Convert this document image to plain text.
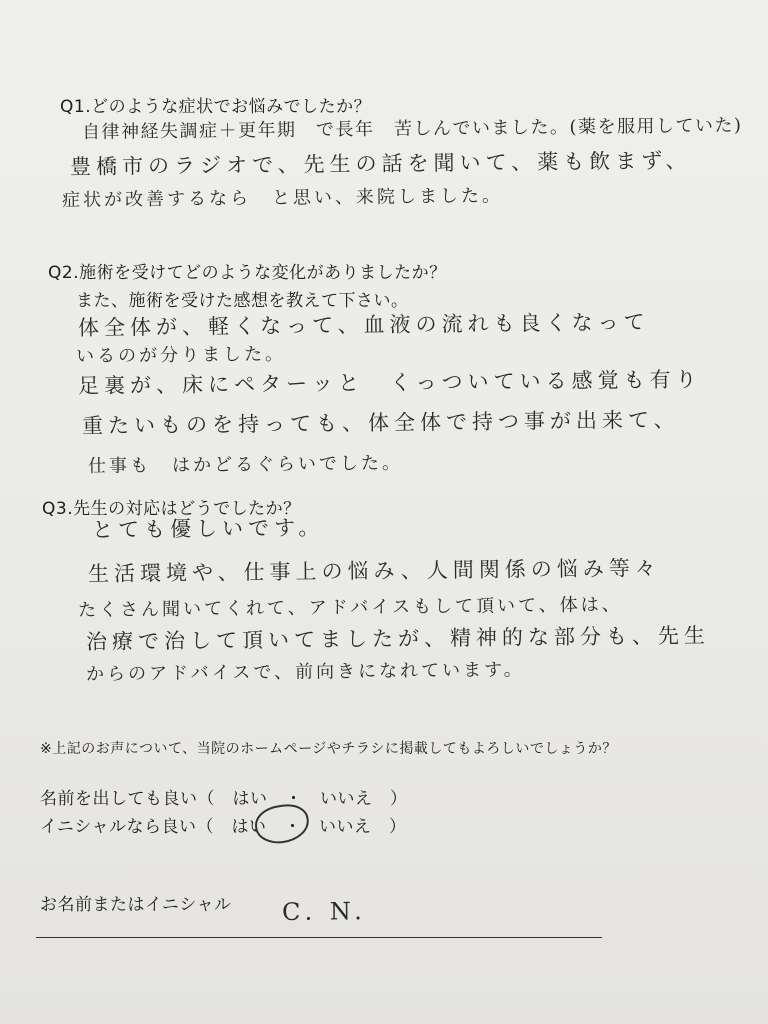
Q1.どのような症状でお悩みでしたか？
自律神経失調症＋更年期　で長年　苦しんでいました。(薬を服用していた)
豊橋市のラジオで、先生の話を聞いて、薬も飲まず、
症状が改善するなら　と思い、来院しました。
Q2.施術を受けてどのような変化がありましたか？
また、施術を受けた感想を教えて下さい。
体全体が、軽くなって、血液の流れも良くなって
いるのが分りました。
足裏が、床にペターッと　くっついている感覚も有り
重たいものを持っても、体全体で持つ事が出来て、
仕事も　はかどるぐらいでした。
Q3.先生の対応はどうでしたか？
とても優しいです。
生活環境や、仕事上の悩み、人間関係の悩み等々
たくさん聞いてくれて、アドバイスもして頂いて、体は、
治療で治して頂いてましたが、精神的な部分も、先生
からのアドバイスで、前向きになれています。
※上記のお声について、当院のホームページやチラシに掲載してもよろしいでしょうか？
名前を出しても良い（　はい　・　いいえ　）
イニシャルなら良い（　はい　・　いいえ　）
お名前またはイニシャル C. N.
